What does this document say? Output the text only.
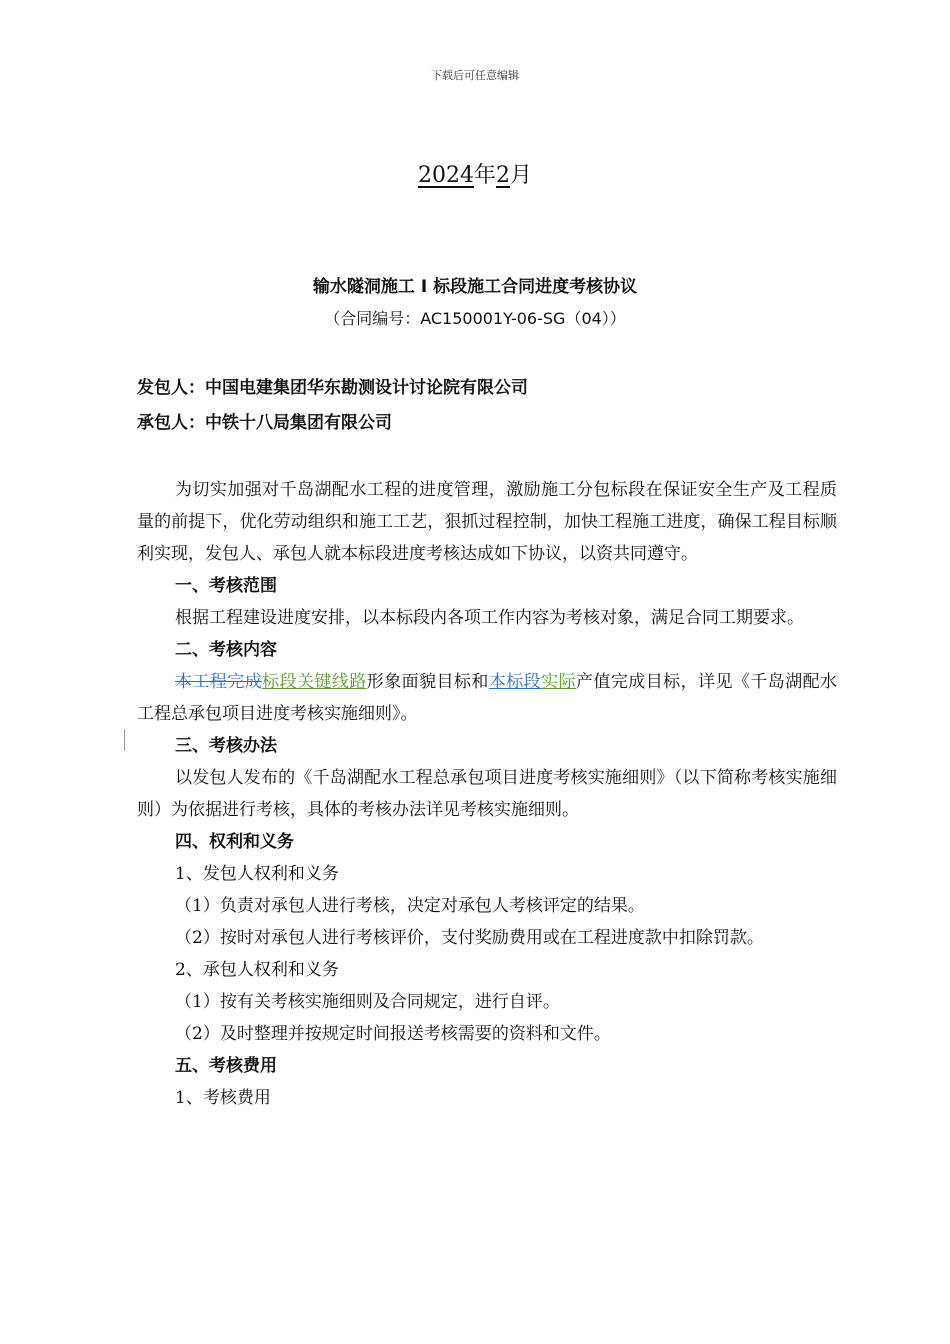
下载后可任意编辑
2024年2月
输水隧洞施工 I 标段施工合同进度考核协议
（合同编号：AC150001Y-06-SG（04））
发包人：中国电建集团华东勘测设计讨论院有限公司
承包人：中铁十八局集团有限公司

为切实加强对千岛湖配水工程的进度管理，激励施工分包标段在保证安全生产及工程质量的前提下，优化劳动组织和施工工艺，狠抓过程控制，加快工程施工进度，确保工程目标顺利实现，发包人、承包人就本标段进度考核达成如下协议，以资共同遵守。

一、考核范围

根据工程建设进度安排，以本标段内各项工作内容为考核对象，满足合同工期要求。

二、考核内容

本工程完成标段关键线路形象面貌目标和本标段实际产值完成目标，详见《千岛湖配水工程总承包项目进度考核实施细则》。

三、考核办法

以发包人发布的《千岛湖配水工程总承包项目进度考核实施细则》（以下简称考核实施细则）为依据进行考核，具体的考核办法详见考核实施细则。

四、权利和义务

1、发包人权利和义务

（1）负责对承包人进行考核，决定对承包人考核评定的结果。

（2）按时对承包人进行考核评价，支付奖励费用或在工程进度款中扣除罚款。

2、承包人权利和义务

（1）按有关考核实施细则及合同规定，进行自评。

（2）及时整理并按规定时间报送考核需要的资料和文件。

五、考核费用

1、考核费用
